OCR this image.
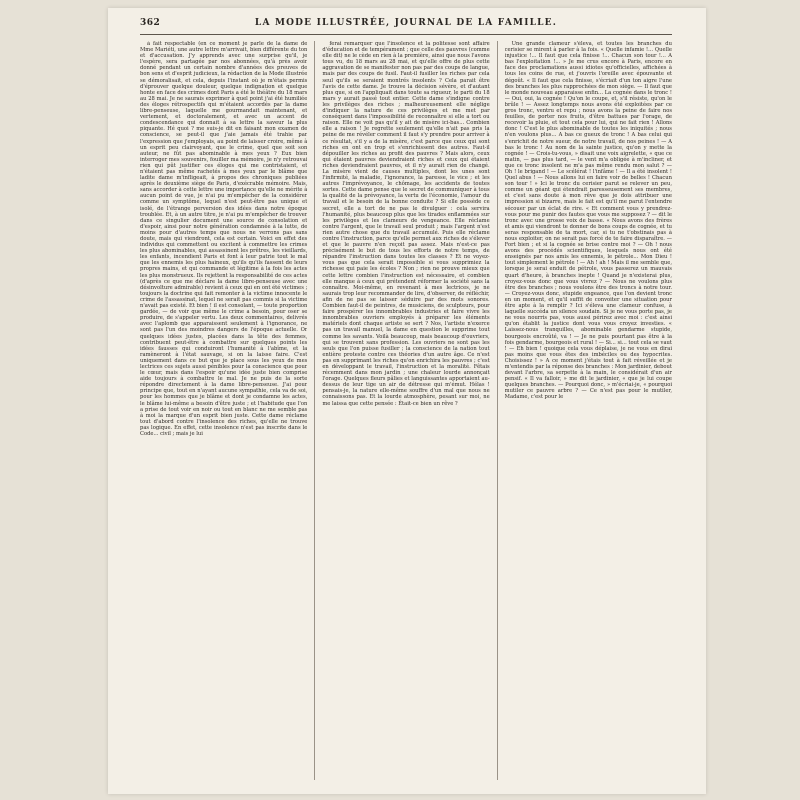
362	LA MODE ILLUSTRÉE, JOURNAL DE LA FAMILLE.

à fait respectable (en ce moment je parle de la dame de Mme Mariéti, une autre lettre m'arrivait, bien différente du ton et d'accusation. J'y apprends avec une surprise qu'il, je l'espère, sera partagée par nos abonnées, qu'à près avoir donné pendant un certain nombre d'années des preuves de bon sens et d'esprit judicieux, la rédaction de la Mode illustrée se démoralisait, et cela, depuis l'instant où je m'étais permis d'éprouver quelque douleur, quelque indignation et quelque honte en face des crimes dont Paris a été le théâtre du 18 mars au 28 mai. Je ne saurais exprimer à quel point j'ai été humiliée des éloges rétrospectifs qui m'étaient accordés par la dame libre-penseuse, laquelle me gourmandait maintenant, et vertement, et doctoralement, et avec un accent de condescendance qui donnait à sa lettre la saveur la plus piquante. Hé quoi ? me suis-je dit en faisant mon examen de conscience, se peut-il que j'aie jamais été trahie par l'expression que j'employais, au point de laisser croire, même à un esprit peu clairvoyant, que le crime, quel que soit son auteur, ne fût pas abominable à mes yeux ? Eux bien interroger mes souvenirs, fouiller ma mémoire, je n'y retrouvai rien qui pût justifier ces éloges qui me contristaient, et n'étaient pas même rachetés à mes yeux par le blâme que ladite dame m'infligeait, à propos des chroniques publiées après le deuxième siège de Paris, d'exécrable mémoire. Mais, sans accorder à cette lettre une importance qu'elle ne mérite à aucun point de vue, je n'ai pu m'empêcher de la considérer comme un symptôme, lequel n'est peut-être pas unique et isolé, de l'étrange perversion des idées dans notre époque troublée. Et, à un autre titre, je n'ai pu m'empêcher de trouver dans ce singulier document une source de consolation et d'espoir, ainsi pour notre génération condamnée à la lutte, de moins pour d'autres temps que nous ne verrons pas sans doute, mais qui viendront, cela est certain. Voici en effet des individus qui commettent ou excitent à commettre les crimes les plus abominables, qui assassinent les prêtres, les vieillards, les enfants, incendient Paris et font à leur patrie tout le mal que les ennemis les plus haineux, qu'ils qu'ils fassent de leurs propres mains, et qui commande et légitime à la fois les actes les plus monstrueux. Ils rejettent la responsabilité de ces actes (d'après ce que me déclare la dame libre-penseuse avec une désinvolture admirable) revient à ceux qui en ont été victimes ; toujours la doctrine qui fait remonter à la victime innocente le crime de l'assassinat, lequel ne serait pas commis si la victime n'avait pas existé. Et bien ! il est consolant, — toute proportion gardée, — de voir que même le crime a besoin, pour oser se produire, de s'appeler vertu. Les deux commentaires, delivrés avec l'aplomb que apparaissent seulement à l'ignorance, ne sont pas l'un des moindres dangers de l'époque actuelle. Or quelques idées justes, placées dans la tête des femmes, contribuent peut-être à combattre sur quelques points les idées fausses qui conduiront l'humanité à l'abîme, et la ramèneront à l'état sauvage, si on la laisse faire. C'est uniquement dans ce but que je place sous les yeux de mes lectrices ces sujets aussi pénibles pour la conscience que pour le cœur, mais dans l'espoir qu'une idée juste bien comprise aide toujours à combattre le mal. Je ne puis de la sorte répondre directement à la dame libre-penseuse. J'ai pour principe que, tout en n'ayant aucune sympathie, cela va de soi, pour les hommes que je blâme et dont je condamne les actes, le blâme lui-même a besoin d'être juste ; et l'habitude que l'on a prise de tout voir en noir ou tout en blanc ne me semble pas à moi la marque d'un esprit bien juste. Cette dame réclame tout d'abord contre l'insolence des riches, qu'elle ne trouve pas logique. En effet, cette insolence n'est pas inscrite dans le Code... civil ; mais je lui

ferai remarquer que l'insolence et la politesse sont affaire d'éducation et de tempérament ; que celle des pauvres (comme elle dit) ne le cède en rien à la première, ainsi que nous l'avons tous vu, du 18 mars au 28 mai, et qu'elle offre de plus cette aggravation de se manifester non pas par des coups de langue, mais par des coups de fusil. Faut-il fusiller les riches par cela seul qu'ils se seraient montrés insolents ? Cela parait être l'avis de cette dame. Je trouve la décision sévère, et d'autant plus que, si on l'appliquait dans toute sa rigueur, le parti du 18 mars y aurait passé tout entier. Cette dame s'indigne contre les privilèges des riches ; malheureusement elle néglige d'indiquer la nature de ces privilèges et me met par conséquent dans l'impossibilité de reconnaître si elle a tort ou raison. Elle ne voit pas qu'il y ait de misère ici-bas... Combien elle a raison ! Je regrette seulement qu'elle n'ait pas pris la peine de me révéler comment il faut s'y prendre pour arriver à ce résultat, s'il y a de la misère, c'est parce que ceux qui sont riches en ont en trop et s'enrichissent des autres. Faut-il dépouiller les riches au profit des pauvres ? Mais alors, ceux qui étaient pauvres deviendraient riches et ceux qui étaient riches deviendraient pauvres, et il n'y aurait rien de changé. La misère vient de causes multiples, dont les unes sont l'infirmité, la maladie, l'ignorance, la paresse, le vice ; et les autres l'imprévoyance, le chômage, les accidents de toutes sortes. Cette dame pense que le secret de communiquer à tous la qualité de la prévoyance, la vertu de l'économie, l'amour du travail et le besoin de la bonne conduite ? Si elle possède ce secret, elle a tort de ne pas le divulguer : cela servira l'humanité, plus beaucoup plus que les tirades enflammées sur les privilèges et les clameurs de vengeance. Elle réclame contre l'argent, que le travail seul produit ; mais l'argent n'est rien autre chose que du travail accumulé. Puis elle réclame contre l'instruction, parce qu'elle permet aux riches de s'élever et que le pauvre n'en reçoit pas assez. Mais n'est-ce pas précisément le but de tous les efforts de notre temps, de répandre l'instruction dans toutes les classes ? Et ne voyez-vous pas que cela serait impossible si vous supprimiez la richesse qui paie les écoles ? Non ; rien ne prouve mieux que cette lettre combien l'instruction est nécessaire, et combien elle manque à ceux qui prétendent réformer la société sans la connaître. Moi-même, en revenant à mes lectrices, je ne saurais trop leur recommander de lire, d'observer, de réfléchir, afin de ne pas se laisser séduire par des mots sonores. Combien faut-il de peintres, de musiciens, de sculpteurs, pour faire prospérer les innombrables industries et faire vivre les innombrables ouvriers employés à préparer les éléments matériels dont chaque artiste se sert ? Nos, l'artiste n'exerce pas un travail manuel, la dame en question le supprime tout comme les savants. Voilà beaucoup, mais beaucoup d'ouvriers, qui se trouvent sans profession. Les ouvriers ne sont pas les seuls que l'on puisse fusiller ; la conscience de la nation tout entière proteste contre ces théories d'un autre âge. Ce n'est pas en supprimant les riches qu'on enrichira les pauvres ; c'est en développant le travail, l'instruction et la moralité. Fêtais récemment dans mon jardin ; une chaleur lourde annonçait l'orage. Quelques fleurs pâlies et languissantes apportaient au-dessus de leur tige un air de détresse qui m'émut. Hélas ! pensais-je, la nature elle-même souffre d'un mal que nous ne connaissons pas. Et la lourde atmosphère, pesant sur moi, ne me laissa que cette pensée : Était-ce bien un rêve ?

Une grande clameur s'éleva, et toutes les branches du cerisier se mirent à parler à la fois. « Quelle infamie !... Quelle injustice !... Il faut que cela finisse !... Chacun son tour !... A bas l'exploitation !... » Je me crus encore à Paris, encore en face des proclamations aussi idiotes qu'officielles, affichées à tous les coins de rue, et j'ouvris l'oreille avec épouvante et dégoût. « Il faut que cela finisse, s'écriait d'un ton aigre l'une des branches les plus rapprochées de mon siège. — Il faut que le monde nouveau apparaisse enfin... La cognée dans le tronc ! — Oui, oui, la cognée ! Qu'on le coupe, et, s'il résiste, qu'on le brûle ! — Assez longtemps nous avons été exploitées par ce gros tronc, ventru et repu ; nous avons la peine de faire nos feuilles, de porter nos fruits, d'être battues par l'orage, de recevoir la pluie, et tout cela pour lui, qui ne fait rien ! Allons donc ! C'est le plus abominable de toutes les iniquités ; nous n'en voulons plus... A bas ce gueux de tronc ! A bas celui qui s'enrichit de notre sueur, de notre travail, de nos peines ! — A bas le tronc ! Au nom de la sainte justice, qu'on y mette la cognée ! — Crois-tu-vous, » disait une voix aigrelette, « que ce matin, — pas plus tard, — le vent m'a obligée à m'incliner, et que ce tronc insolent ne m'a pas même rendu mon salut ? — Oh ! le brigand ! — Le scélérat ! l'infâme ! — Il a été insolent ! Quel abus ! — Nous allons lui en faire voir de belles ! Chacun son tour ! » Ici le tronc du cerisier parut se relever un peu, comme un géant qui étendrait paresseusement ses membres, et c'est sans doute à mon rêve que je dois attribuer une impression si bizarre, mais le fait est qu'il me parut l'entendre sécouer par un éclat de rire. « Et comment vous y prendrez-vous pour me punir des fautes que vous me supposez ? — dit le tronc avec une grosse voix de basse. « Nous avons des frères et amis qui viendront te donner de bons coups de cognée, et tu seras responsable de ta mort, car, si tu ne t'obstinais pas à nous exploiter, on ne serait pas forcé de te faire disparaître. — Fort bien ; et si la cognée se brise contre moi ? — Oh ! nous avons des procédés scientifiques, lesquels nous ont été enseignés par nos amis les ennemis, le pétrole... Mon Dieu ! tout simplement le pétrole ! — Ah ! ah ! Mais il me semble que, lorsque je serai enduit de pétrole, vous passerez un mauvais quart d'heure, à branches inepte ! Quand je n'existerai plus, croyez-vous donc que vous vivrez ? — Nous ne voulons plus être des branches ; nous voulons être des troncs à notre tour. — Croyez-vous donc, stupide engeance, que l'on devient tronc en un moment, et qu'il suffit de convoiter une situation pour être apte à la remplir ? Ici s'éleva une clameur confuse, à laquelle succéda un silence soudain. Si je ne vous porte pas, je ne vous nourris pas, vous aussi périrez avec moi : c'est ainsi qu'on établit la justice dont vous vous croyez investies. « Laissez-nous tranquilles, abominable gendarme stupide, bourgeois encroûté, va ! — Je ne puis pourtant pas être à la fois gendarme, bourgeois et rural ! — Si... si... tout cela se vaut ! — Eh bien ! quoique cela vous déplaise, je ne vous en dirai pas moins que vous êtes des imbéciles ou des hypocrites. Choisissez ! » A ce moment j'étais tout à fait réveillée et je m'entendis par la réponse des branches : Mon jardinier, debout devant l'arbre, sa serpette à la main, le considérait d'un air pensif. « Il va falloir, » me dit le jardinier, « que je lui coupe quelques branches. — Pourquoi donc, » m'écriai-je, « pourquoi mutiler ce pauvre arbre ? — Ce n'est pas pour le mutiler, Madame, c'est pour le
